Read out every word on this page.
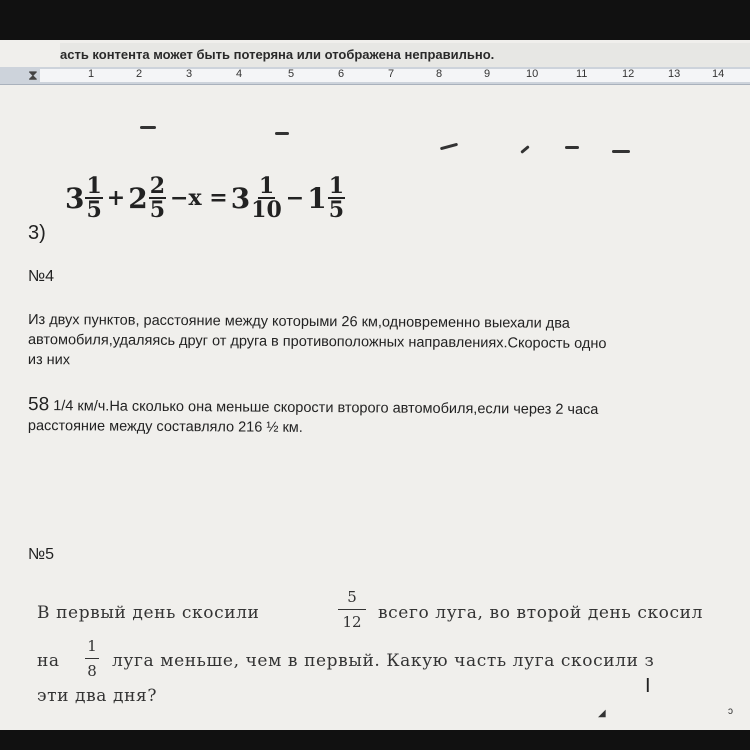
асть контента может быть потеряна или отображена неправильно.
⧗	1	2	3	4	5	6	7	8	9	10	11	12	13	14
3)
$3 \frac{1}{5} + 2 \frac{2}{5} -x = 3 \frac{1}{10} - 1 \frac{1}{5}$
№4
Из двух пунктов, расстояние между которыми 26 км,одновременно выехали два
автомобиля,удаляясь друг от друга в противоположных направлениях.Скорость одно
из них
58 1/4 км/ч.На сколько она меньше скорости второго автомобиля,если через 2 часа
расстояние между составляло 216 ½ км.
№5
В первый день скосили
5
12 всего луга, во второй день скосил
на
1
8 луга меньше, чем в первый. Какую часть луга скосили з
эти два дня?	I
◢	ↄ
